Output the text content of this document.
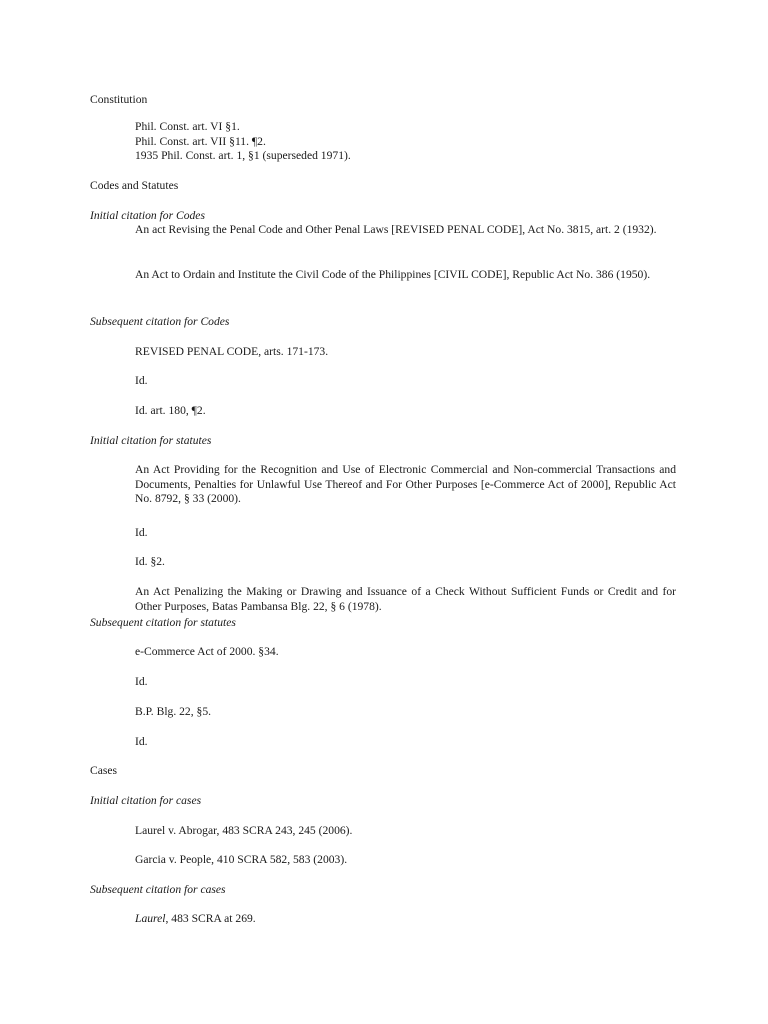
Constitution
Phil. Const. art. VI §1.
Phil. Const. art. VII §11. ¶2.
1935 Phil. Const. art. 1, §1 (superseded 1971).
Codes and Statutes
Initial citation for Codes
An act Revising the Penal Code and Other Penal Laws [REVISED PENAL CODE], Act No. 3815, art. 2 (1932).
An Act to Ordain and Institute the Civil Code of the Philippines [CIVIL CODE], Republic Act No. 386 (1950).
Subsequent citation for Codes
REVISED PENAL CODE, arts. 171-173.
Id.
Id. art. 180, ¶2.
Initial citation for statutes
An Act Providing for the Recognition and Use of Electronic Commercial and Non-commercial Transactions and Documents, Penalties for Unlawful Use Thereof and For Other Purposes [e-Commerce Act of 2000], Republic Act No. 8792, § 33 (2000).
Id.
Id. §2.
An Act Penalizing the Making or Drawing and Issuance of a Check Without Sufficient Funds or Credit and for Other Purposes, Batas Pambansa Blg. 22, § 6 (1978).
Subsequent citation for statutes
e-Commerce Act of 2000. §34.
Id.
B.P. Blg. 22, §5.
Id.
Cases
Initial citation for cases
Laurel v. Abrogar, 483 SCRA 243, 245 (2006).
Garcia v. People, 410 SCRA 582, 583 (2003).
Subsequent citation for cases
Laurel, 483 SCRA at 269.
